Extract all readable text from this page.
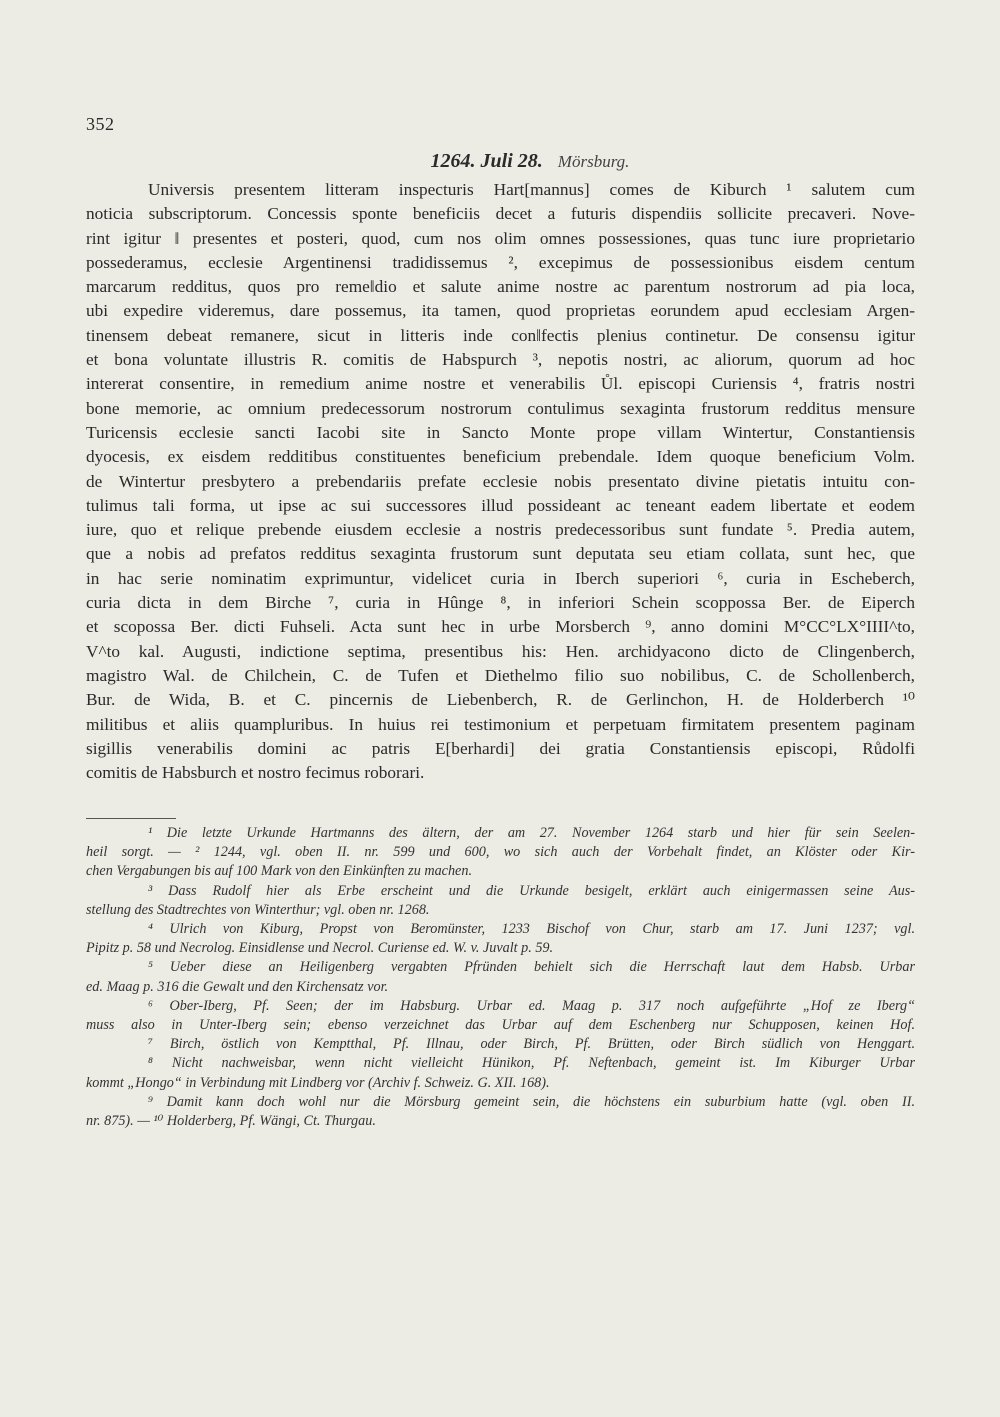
352
1264. Juli 28. Mörsburg.
Universis presentem litteram inspecturis Hart[mannus] comes de Kiburch ¹ salutem cum
noticia subscriptorum. Concessis sponte beneficiis decet a futuris dispendiis sollicite precaveri. Nove-
rint igitur ‖ presentes et posteri, quod, cum nos olim omnes possessiones, quas tunc iure proprietario
possederamus, ecclesie Argentinensi tradidissemus ², excepimus de possessionibus eisdem centum
marcarum redditus, quos pro reme‖dio et salute anime nostre ac parentum nostrorum ad pia loca,
ubi expedire videremus, dare possemus, ita tamen, quod proprietas eorundem apud ecclesiam Argen-
tinensem debeat remanere, sicut in litteris inde con‖fectis plenius continetur. De consensu igitur
et bona voluntate illustris R. comitis de Habspurch ³, nepotis nostri, ac aliorum, quorum ad hoc
intererat consentire, in remedium anime nostre et venerabilis Ůl. episcopi Curiensis ⁴, fratris nostri
bone memorie, ac omnium predecessorum nostrorum contulimus sexaginta frustorum redditus mensure
Turicensis ecclesie sancti Iacobi site in Sancto Monte prope villam Wintertur, Constantiensis
dyocesis, ex eisdem redditibus constituentes beneficium prebendale. Idem quoque beneficium Volm.
de Wintertur presbytero a prebendariis prefate ecclesie nobis presentato divine pietatis intuitu con-
tulimus tali forma, ut ipse ac sui successores illud possideant ac teneant eadem libertate et eodem
iure, quo et relique prebende eiusdem ecclesie a nostris predecessoribus sunt fundate ⁵. Predia autem,
que a nobis ad prefatos redditus sexaginta frustorum sunt deputata seu etiam collata, sunt hec, que
in hac serie nominatim exprimuntur, videlicet curia in Iberch superiori ⁶, curia in Escheberch,
curia dicta in dem Birche ⁷, curia in Hûnge ⁸, in inferiori Schein scoppossa Ber. de Eiperch
et scopossa Ber. dicti Fuhseli. Acta sunt hec in urbe Morsberch ⁹, anno domini M°CC°LX°IIII^to,
V^to kal. Augusti, indictione septima, presentibus his: Hen. archidyacono dicto de Clingenberch,
magistro Wal. de Chilchein, C. de Tufen et Diethelmo filio suo nobilibus, C. de Schollenberch,
Bur. de Wida, B. et C. pincernis de Liebenberch, R. de Gerlinchon, H. de Holderberch ¹⁰
militibus et aliis quampluribus. In huius rei testimonium et perpetuam firmitatem presentem paginam
sigillis venerabilis domini ac patris E[berhardi] dei gratia Constantiensis episcopi, Růdolfi
comitis de Habsburch et nostro fecimus roborari.
¹ Die letzte Urkunde Hartmanns des ältern, der am 27. November 1264 starb und hier für sein Seelen-
heil sorgt. — ² 1244, vgl. oben II. nr. 599 und 600, wo sich auch der Vorbehalt findet, an Klöster oder Kir-
chen Vergabungen bis auf 100 Mark von den Einkünften zu machen.
³ Dass Rudolf hier als Erbe erscheint und die Urkunde besigelt, erklärt auch einigermassen seine Aus-
stellung des Stadtrechtes von Winterthur; vgl. oben nr. 1268.
⁴ Ulrich von Kiburg, Propst von Beromünster, 1233 Bischof von Chur, starb am 17. Juni 1237; vgl.
Pipitz p. 58 und Necrolog. Einsidlense und Necrol. Curiense ed. W. v. Juvalt p. 59.
⁵ Ueber diese an Heiligenberg vergabten Pfründen behielt sich die Herrschaft laut dem Habsb. Urbar
ed. Maag p. 316 die Gewalt und den Kirchensatz vor.
⁶ Ober-Iberg, Pf. Seen; der im Habsburg. Urbar ed. Maag p. 317 noch aufgeführte „Hof ze Iberg“
muss also in Unter-Iberg sein; ebenso verzeichnet das Urbar auf dem Eschenberg nur Schupposen, keinen Hof.
⁷ Birch, östlich von Kemptthal, Pf. Illnau, oder Birch, Pf. Brütten, oder Birch südlich von Henggart.
⁸ Nicht nachweisbar, wenn nicht vielleicht Hünikon, Pf. Neftenbach, gemeint ist. Im Kiburger Urbar
kommt „Hongo“ in Verbindung mit Lindberg vor (Archiv f. Schweiz. G. XII. 168).
⁹ Damit kann doch wohl nur die Mörsburg gemeint sein, die höchstens ein suburbium hatte (vgl. oben II.
nr. 875). — ¹⁰ Holderberg, Pf. Wängi, Ct. Thurgau.
